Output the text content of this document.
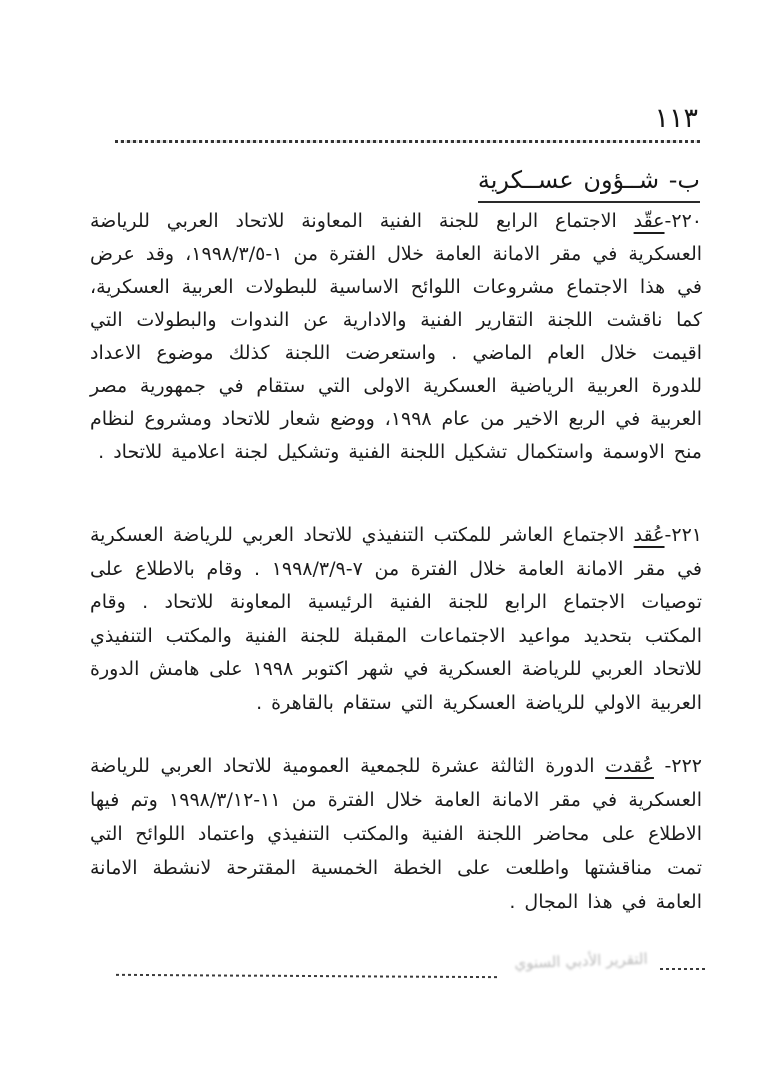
١١٣
ب- شــؤون عســكرية

٢٢٠-عقّد الاجتماع الرابع للجنة الفنية المعاونة للاتحاد العربي للرياضة العسكرية في مقر الامانة العامة خلال الفترة من ١-١٩٩٨/٣/٥، وقد عرض في هذا الاجتماع مشروعات اللوائح الاساسية للبطولات العربية العسكرية، كما ناقشت اللجنة التقارير الفنية والادارية عن الندوات والبطولات التي اقيمت خلال العام الماضي . واستعرضت اللجنة كذلك موضوع الاعداد للدورة العربية الرياضية العسكرية الاولى التي ستقام في جمهورية مصر العربية في الربع الاخير من عام ١٩٩٨، ووضع شعار للاتحاد ومشروع لنظام منح الاوسمة واستكمال تشكيل اللجنة الفنية وتشكيل لجنة اعلامية للاتحاد .

٢٢١-عُقد الاجتماع العاشر للمكتب التنفيذي للاتحاد العربي للرياضة العسكرية في مقر الامانة العامة خلال الفترة من ٧-١٩٩٨/٣/٩ . وقام بالاطلاع على توصيات الاجتماع الرابع للجنة الفنية الرئيسية المعاونة للاتحاد . وقام المكتب بتحديد مواعيد الاجتماعات المقبلة للجنة الفنية والمكتب التنفيذي للاتحاد العربي للرياضة العسكرية في شهر اكتوبر ١٩٩٨ على هامش الدورة العربية الاولي للرياضة العسكرية التي ستقام بالقاهرة .

٢٢٢- عُقدت الدورة الثالثة عشرة للجمعية العمومية للاتحاد العربي للرياضة العسكرية في مقر الامانة العامة خلال الفترة من ١١-١٩٩٨/٣/١٢ وتم فيها الاطلاع على محاضر اللجنة الفنية والمكتب التنفيذي واعتماد اللوائح التي تمت مناقشتها واطلعت على الخطة الخمسية المقترحة لانشطة الامانة العامة في هذا المجال .

التقرير الأدبي السنوي
